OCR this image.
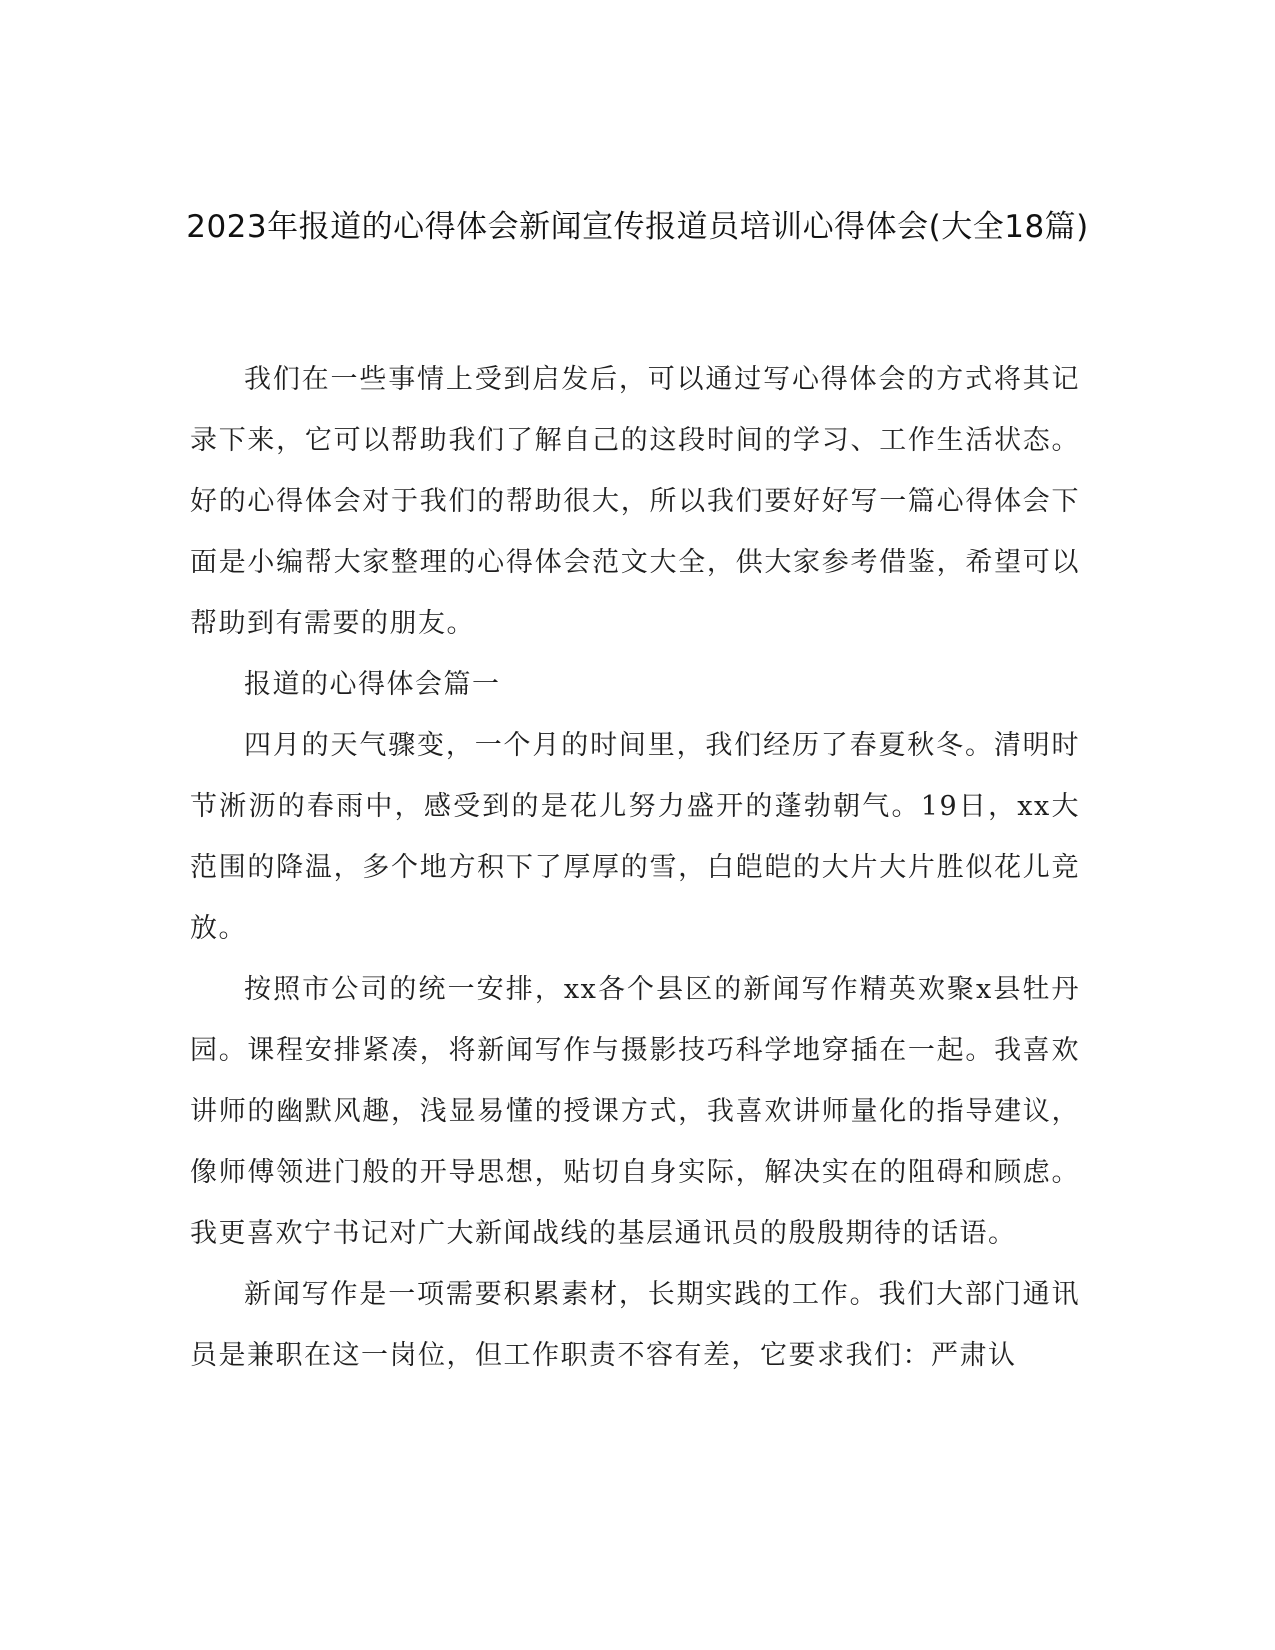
2023年报道的心得体会新闻宣传报道员培训心得体会(大全18篇)

我们在一些事情上受到启发后，可以通过写心得体会的方式将其记录下来，它可以帮助我们了解自己的这段时间的学习、工作生活状态。好的心得体会对于我们的帮助很大，所以我们要好好写一篇心得体会下面是小编帮大家整理的心得体会范文大全，供大家参考借鉴，希望可以帮助到有需要的朋友。

报道的心得体会篇一

四月的天气骤变，一个月的时间里，我们经历了春夏秋冬。清明时节淅沥的春雨中，感受到的是花儿努力盛开的蓬勃朝气。19日，xx大范围的降温，多个地方积下了厚厚的雪，白皑皑的大片大片胜似花儿竞放。

按照市公司的统一安排，xx各个县区的新闻写作精英欢聚x县牡丹园。课程安排紧凑，将新闻写作与摄影技巧科学地穿插在一起。我喜欢讲师的幽默风趣，浅显易懂的授课方式，我喜欢讲师量化的指导建议，像师傅领进门般的开导思想，贴切自身实际，解决实在的阻碍和顾虑。我更喜欢宁书记对广大新闻战线的基层通讯员的殷殷期待的话语。

新闻写作是一项需要积累素材，长期实践的工作。我们大部门通讯员是兼职在这一岗位，但工作职责不容有差，它要求我们：严肃认
